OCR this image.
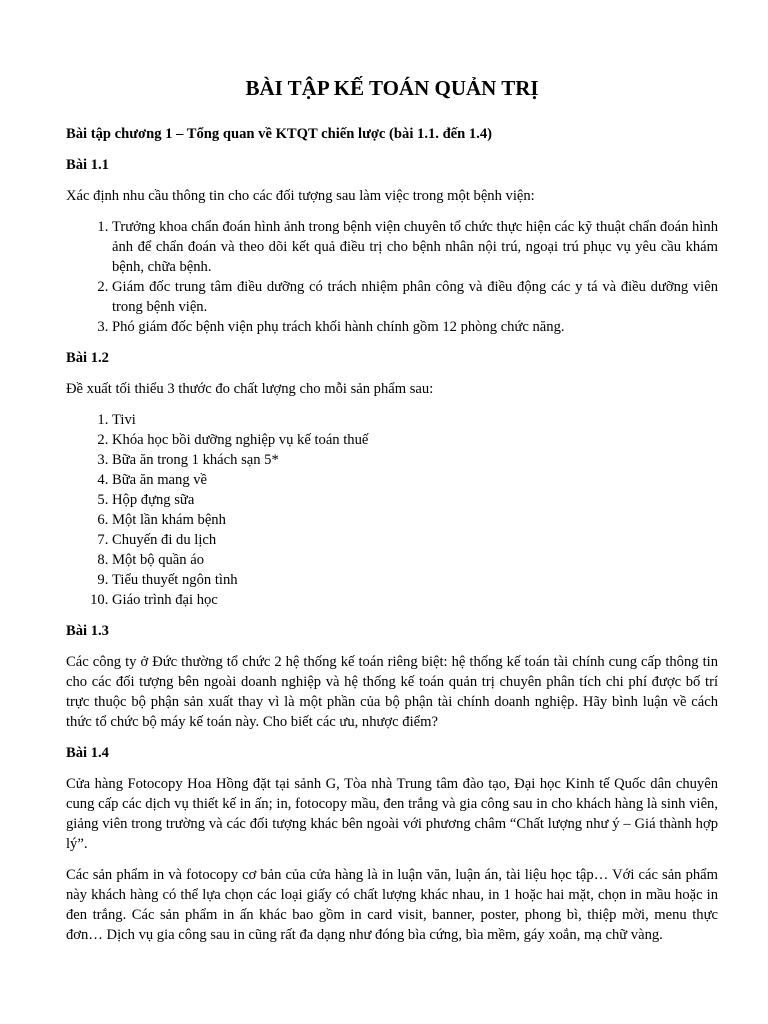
BÀI TẬP KẾ TOÁN QUẢN TRỊ

Bài tập chương 1 – Tổng quan về KTQT chiến lược (bài 1.1. đến 1.4)

Bài 1.1

Xác định nhu cầu thông tin cho các đối tượng sau làm việc trong một bệnh viện:

1. Trưởng khoa chẩn đoán hình ảnh trong bệnh viện chuyên tổ chức thực hiện các kỹ thuật chẩn đoán hình ảnh để chẩn đoán và theo dõi kết quả điều trị cho bệnh nhân nội trú, ngoại trú phục vụ yêu cầu khám bệnh, chữa bệnh.
2. Giám đốc trung tâm điều dưỡng có trách nhiệm phân công và điều động các y tá và điều dưỡng viên trong bệnh viện.
3. Phó giám đốc bệnh viện phụ trách khối hành chính gồm 12 phòng chức năng.

Bài 1.2

Đề xuất tối thiểu 3 thước đo chất lượng cho mỗi sản phẩm sau:

1. Tivi
2. Khóa học bồi dưỡng nghiệp vụ kế toán thuế
3. Bữa ăn trong 1 khách sạn 5*
4. Bữa ăn mang về
5. Hộp đựng sữa
6. Một lần khám bệnh
7. Chuyến đi du lịch
8. Một bộ quần áo
9. Tiểu thuyết ngôn tình
10. Giáo trình đại học

Bài 1.3

Các công ty ở Đức thường tổ chức 2 hệ thống kế toán riêng biệt: hệ thống kế toán tài chính cung cấp thông tin cho các đối tượng bên ngoài doanh nghiệp và hệ thống kế toán quản trị chuyên phân tích chi phí được bố trí trực thuộc bộ phận sản xuất thay vì là một phần của bộ phận tài chính doanh nghiệp. Hãy bình luận về cách thức tổ chức bộ máy kế toán này. Cho biết các ưu, nhược điểm?

Bài 1.4

Cửa hàng Fotocopy Hoa Hồng đặt tại sảnh G, Tòa nhà Trung tâm đào tạo, Đại học Kinh tế Quốc dân chuyên cung cấp các dịch vụ thiết kế in ấn; in, fotocopy mầu, đen trắng và gia công sau in cho khách hàng là sinh viên, giảng viên trong trường và các đối tượng khác bên ngoài với phương châm “Chất lượng như ý – Giá thành hợp lý”.

Các sản phẩm in và fotocopy cơ bản của cửa hàng là in luận văn, luận án, tài liệu học tập… Với các sản phẩm này khách hàng có thể lựa chọn các loại giấy có chất lượng khác nhau, in 1 hoặc hai mặt, chọn in mầu hoặc in đen trắng. Các sản phẩm in ấn khác bao gồm in card visit, banner, poster, phong bì, thiệp mời, menu thực đơn… Dịch vụ gia công sau in cũng rất đa dạng như đóng bìa cứng, bìa mềm, gáy xoắn, mạ chữ vàng.
